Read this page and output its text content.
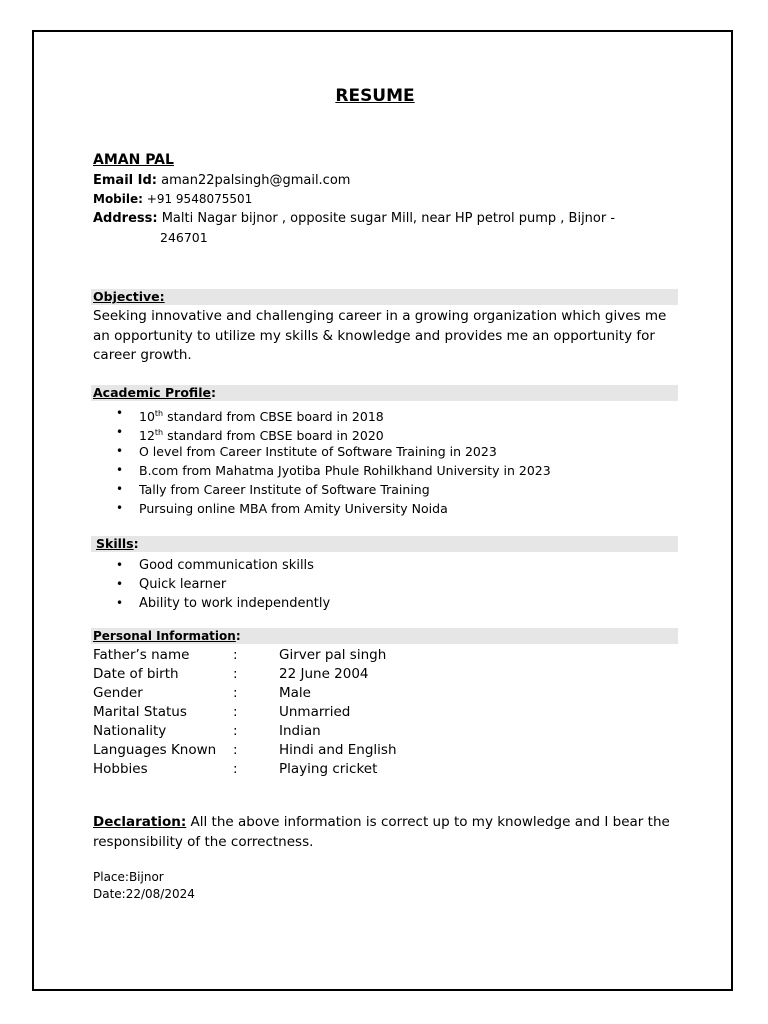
RESUME
AMAN PAL
Email Id: aman22palsingh@gmail.com
Mobile: +91 9548075501
Address: Malti Nagar bijnor , opposite sugar Mill, near HP petrol pump , Bijnor -
246701
Objective:
Seeking innovative and challenging career in a growing organization which gives me an opportunity to utilize my skills & knowledge and provides me an opportunity for career growth.
Academic Profile:
• 10th standard from CBSE board in 2018
• 12th standard from CBSE board in 2020
• O level from Career Institute of Software Training in 2023
• B.com from Mahatma Jyotiba Phule Rohilkhand University in 2023
• Tally from Career Institute of Software Training
• Pursuing online MBA from Amity University Noida
Skills:
• Good communication skills
• Quick learner
• Ability to work independently
Personal Information:
Father’s name	:	Girver pal singh
Date of birth	:	22 June 2004
Gender	:	Male
Marital Status	:	Unmarried
Nationality	:	Indian
Languages Known :	Hindi and English
Hobbies	:	Playing cricket
Declaration: All the above information is correct up to my knowledge and I bear the responsibility of the correctness.
Place:Bijnor
Date:22/08/2024
